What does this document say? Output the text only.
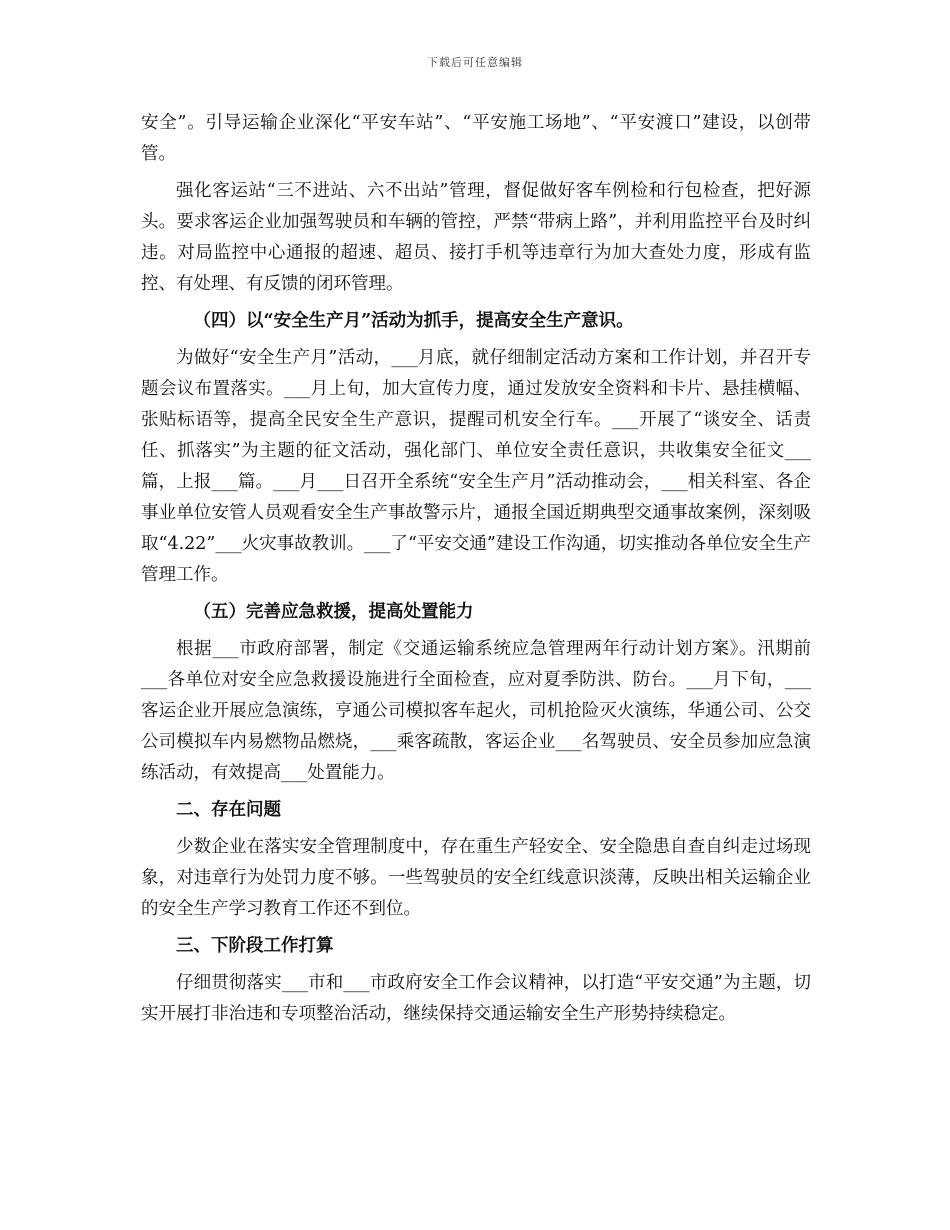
下载后可任意编辑

安全”。引导运输企业深化“平安车站”、“平安施工场地”、“平安渡口”建设，以创带管。

强化客运站“三不进站、六不出站”管理，督促做好客车例检和行包检查，把好源头。要求客运企业加强驾驶员和车辆的管控，严禁“带病上路”，并利用监控平台及时纠违。对局监控中心通报的超速、超员、接打手机等违章行为加大查处力度，形成有监控、有处理、有反馈的闭环管理。

（四）以“安全生产月”活动为抓手，提高安全生产意识。

为做好“安全生产月”活动，___月底，就仔细制定活动方案和工作计划，并召开专题会议布置落实。___月上旬，加大宣传力度，通过发放安全资料和卡片、悬挂横幅、张贴标语等，提高全民安全生产意识，提醒司机安全行车。___开展了“谈安全、话责任、抓落实”为主题的征文活动，强化部门、单位安全责任意识，共收集安全征文___篇，上报___篇。___月___日召开全系统“安全生产月”活动推动会，___相关科室、各企事业单位安管人员观看安全生产事故警示片，通报全国近期典型交通事故案例，深刻吸取“4.22”___火灾事故教训。___了“平安交通”建设工作沟通，切实推动各单位安全生产管理工作。

（五）完善应急救援，提高处置能力

根据___市政府部署，制定《交通运输系统应急管理两年行动计划方案》。汛期前___各单位对安全应急救援设施进行全面检查，应对夏季防洪、防台。___月下旬，___客运企业开展应急演练，亨通公司模拟客车起火，司机抢险灭火演练，华通公司、公交公司模拟车内易燃物品燃烧，___乘客疏散，客运企业___名驾驶员、安全员参加应急演练活动，有效提高___处置能力。

二、存在问题

少数企业在落实安全管理制度中，存在重生产轻安全、安全隐患自查自纠走过场现象，对违章行为处罚力度不够。一些驾驶员的安全红线意识淡薄，反映出相关运输企业的安全生产学习教育工作还不到位。

三、下阶段工作打算

仔细贯彻落实___市和___市政府安全工作会议精神，以打造“平安交通”为主题，切实开展打非治违和专项整治活动，继续保持交通运输安全生产形势持续稳定。
